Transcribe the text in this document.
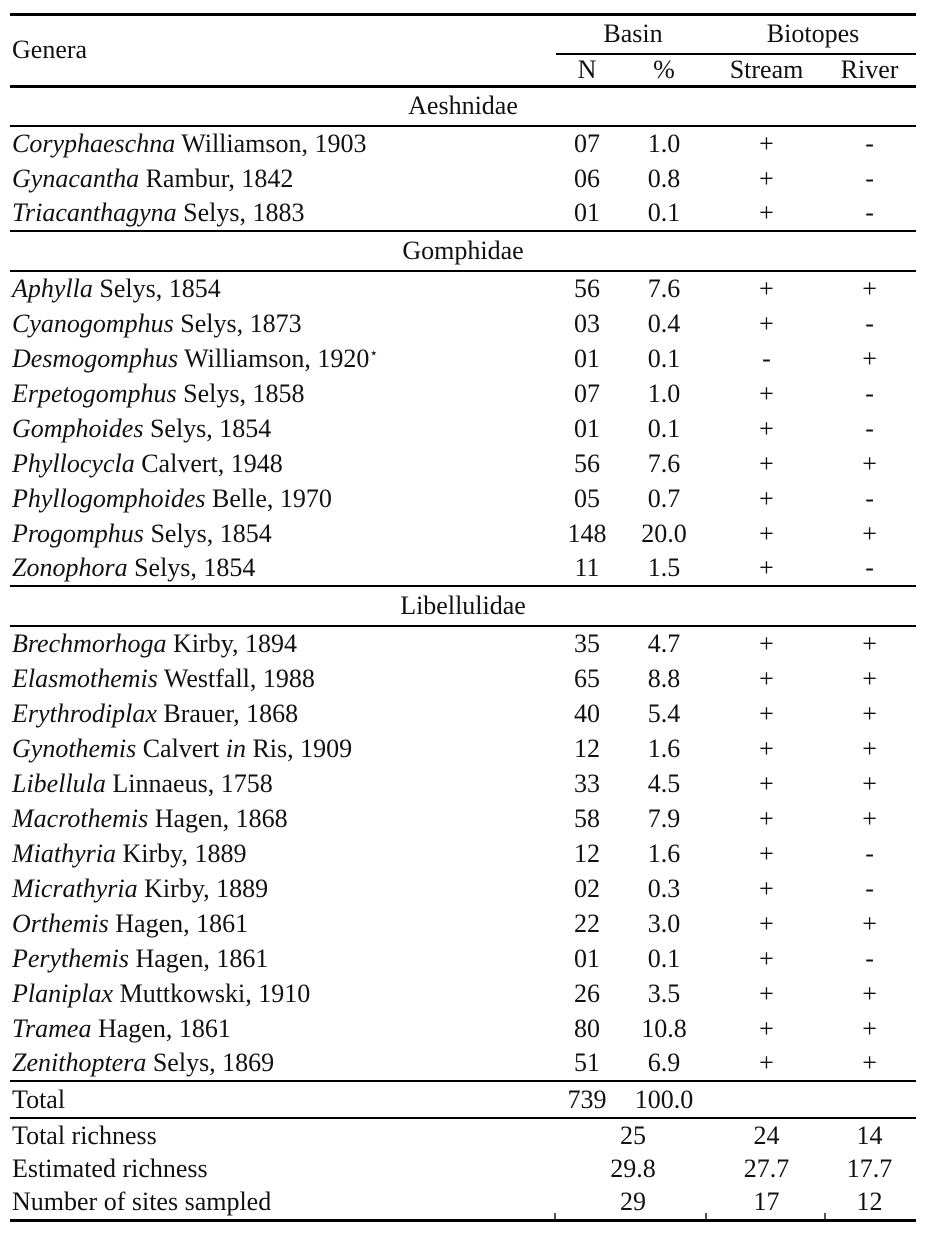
Genera	Basin		Biotopes	
	N	%	Stream	River
Aeshnidae				
Coryphaeschna Williamson, 1903	07	1.0	+	-
Gynacantha Rambur, 1842	06	0.8	+	-
Triacanthagyna Selys, 1883	01	0.1	+	-
Gomphidae				
Aphylla Selys, 1854	56	7.6	+	+
Cyanogomphus Selys, 1873	03	0.4	+	-
Desmogomphus Williamson, 1920⋆	01	0.1	-	+
Erpetogomphus Selys, 1858	07	1.0	+	-
Gomphoides Selys, 1854	01	0.1	+	-
Phyllocycla Calvert, 1948	56	7.6	+	+
Phyllogomphoides Belle, 1970	05	0.7	+	-
Progomphus Selys, 1854	148	20.0	+	+
Zonophora Selys, 1854	11	1.5	+	-
Libellulidae				
Brechmorhoga Kirby, 1894	35	4.7	+	+
Elasmothemis Westfall, 1988	65	8.8	+	+
Erythrodiplax Brauer, 1868	40	5.4	+	+
Gynothemis Calvert in Ris, 1909	12	1.6	+	+
Libellula Linnaeus, 1758	33	4.5	+	+
Macrothemis Hagen, 1868	58	7.9	+	+
Miathyria Kirby, 1889	12	1.6	+	-
Micrathyria Kirby, 1889	02	0.3	+	-
Orthemis Hagen, 1861	22	3.0	+	+
Perythemis Hagen, 1861	01	0.1	+	-
Planiplax Muttkowski, 1910	26	3.5	+	+
Tramea Hagen, 1861	80	10.8	+	+
Zenithoptera Selys, 1869	51	6.9	+	+
Total	739	100.0		
Total richness	25		24	14
Estimated richness	29.8		27.7	17.7
Number of sites sampled	29		17	12
